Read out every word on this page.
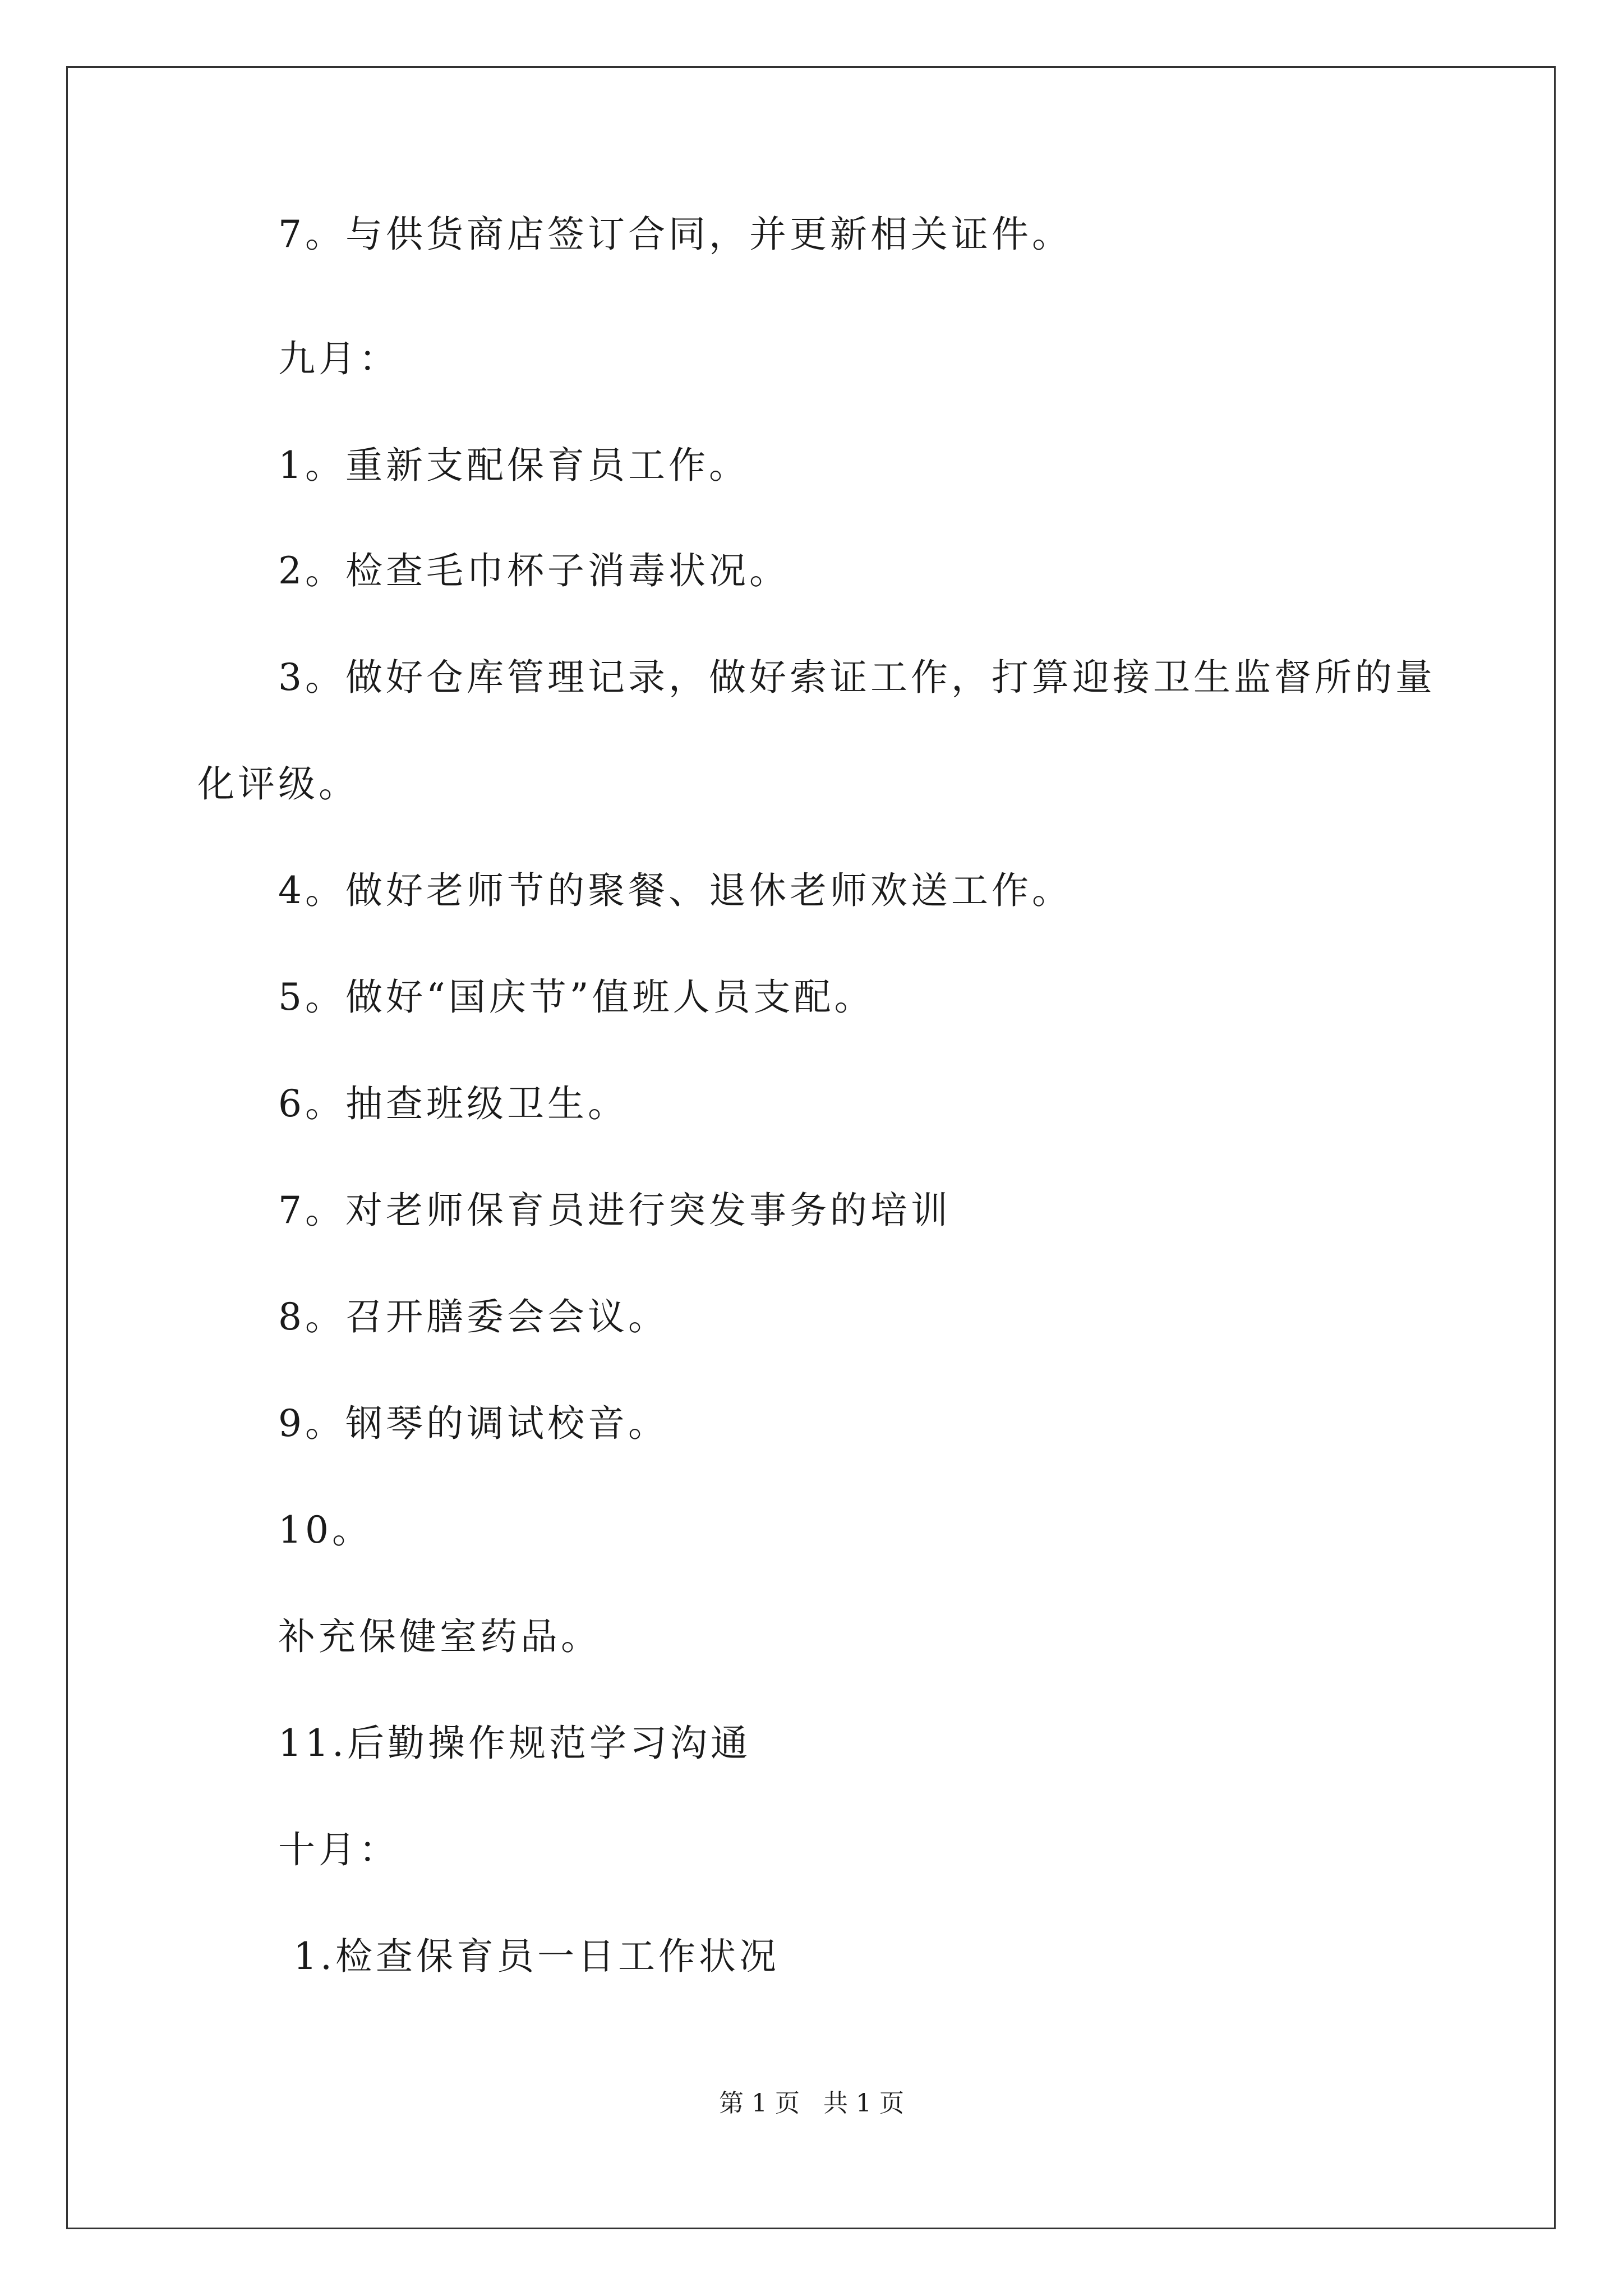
7。与供货商店签订合同，并更新相关证件。
九月：
1。重新支配保育员工作。
2。检查毛巾杯子消毒状况。
3。做好仓库管理记录，做好索证工作，打算迎接卫生监督所的量
化评级。
4。做好老师节的聚餐、退休老师欢送工作。
5。做好“国庆节”值班人员支配。
6。抽查班级卫生。
7。对老师保育员进行突发事务的培训
8。召开膳委会会议。
9。钢琴的调试校音。
10。
补充保健室药品。
11.后勤操作规范学习沟通
十月：
1.检查保育员一日工作状况
第 1 页   共 1 页
